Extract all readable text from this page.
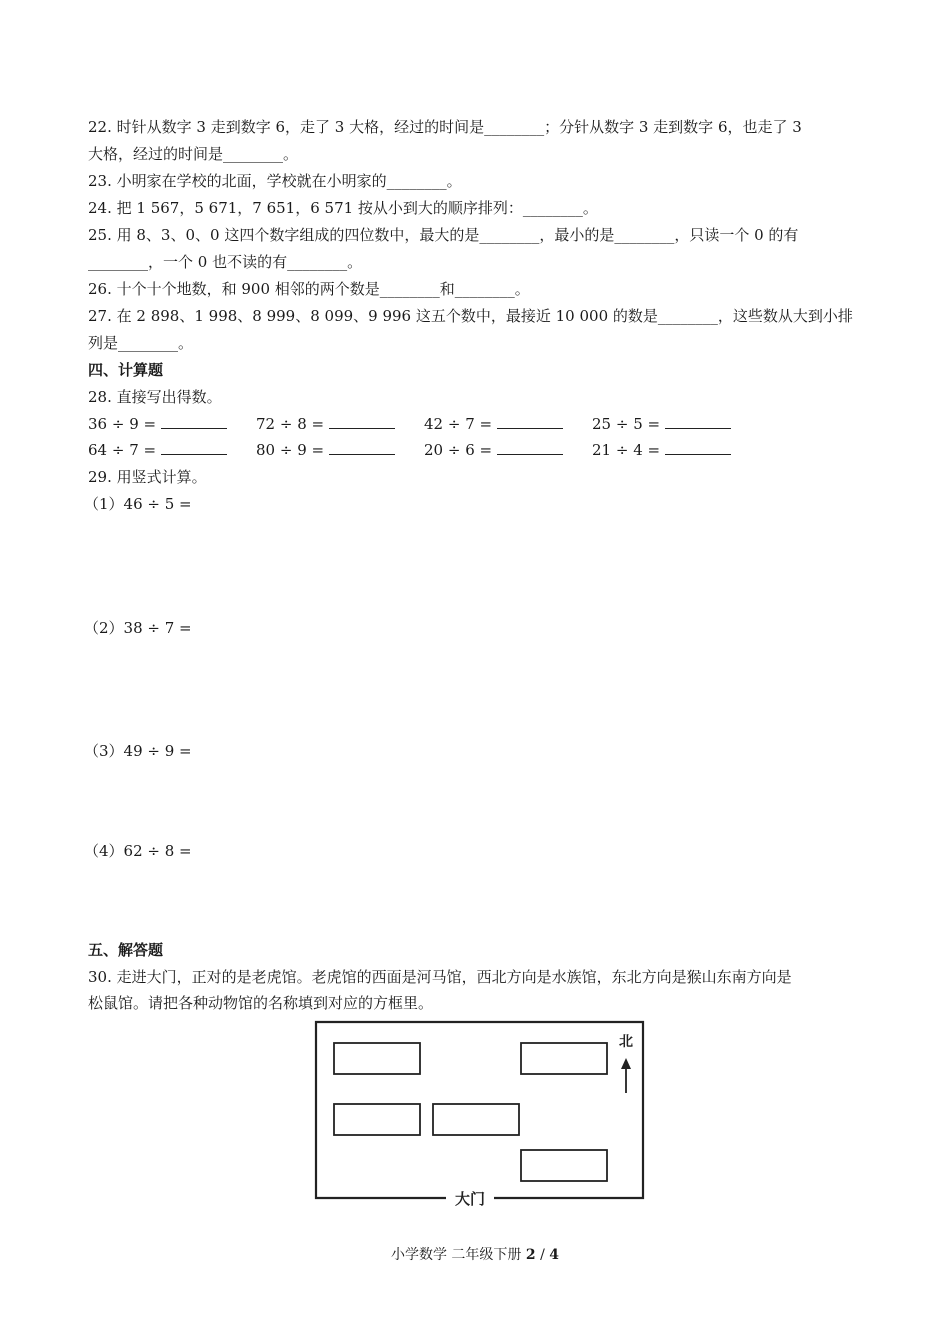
22. 时针从数字 3 走到数字 6，走了 3 大格，经过的时间是________；分针从数字 3 走到数字 6，也走了 3
大格，经过的时间是________。
23. 小明家在学校的北面，学校就在小明家的________。
24. 把 1 567，5 671，7 651，6 571 按从小到大的顺序排列：________。
25. 用 8、3、0、0 这四个数字组成的四位数中，最大的是________，最小的是________，只读一个 0 的有
________，一个 0 也不读的有________。
26. 十个十个地数，和 900 相邻的两个数是________和________。
27. 在 2 898、1 998、8 999、8 099、9 996 这五个数中，最接近 10 000 的数是________，这些数从大到小排
列是________。
四、计算题
28. 直接写出得数。
36 ÷ 9 =	72 ÷ 8 =	42 ÷ 7 =	25 ÷ 5 =
64 ÷ 7 =	80 ÷ 9 =	20 ÷ 6 =	21 ÷ 4 =
29. 用竖式计算。
（1）46 ÷ 5 =
（2）38 ÷ 7 =
（3）49 ÷ 9 =
（4）62 ÷ 8 =
五、解答题
30. 走进大门，正对的是老虎馆。老虎馆的西面是河马馆，西北方向是水族馆，东北方向是猴山东南方向是
松鼠馆。请把各种动物馆的名称填到对应的方框里。
北
大门
小学数学 二年级下册 2 / 4
